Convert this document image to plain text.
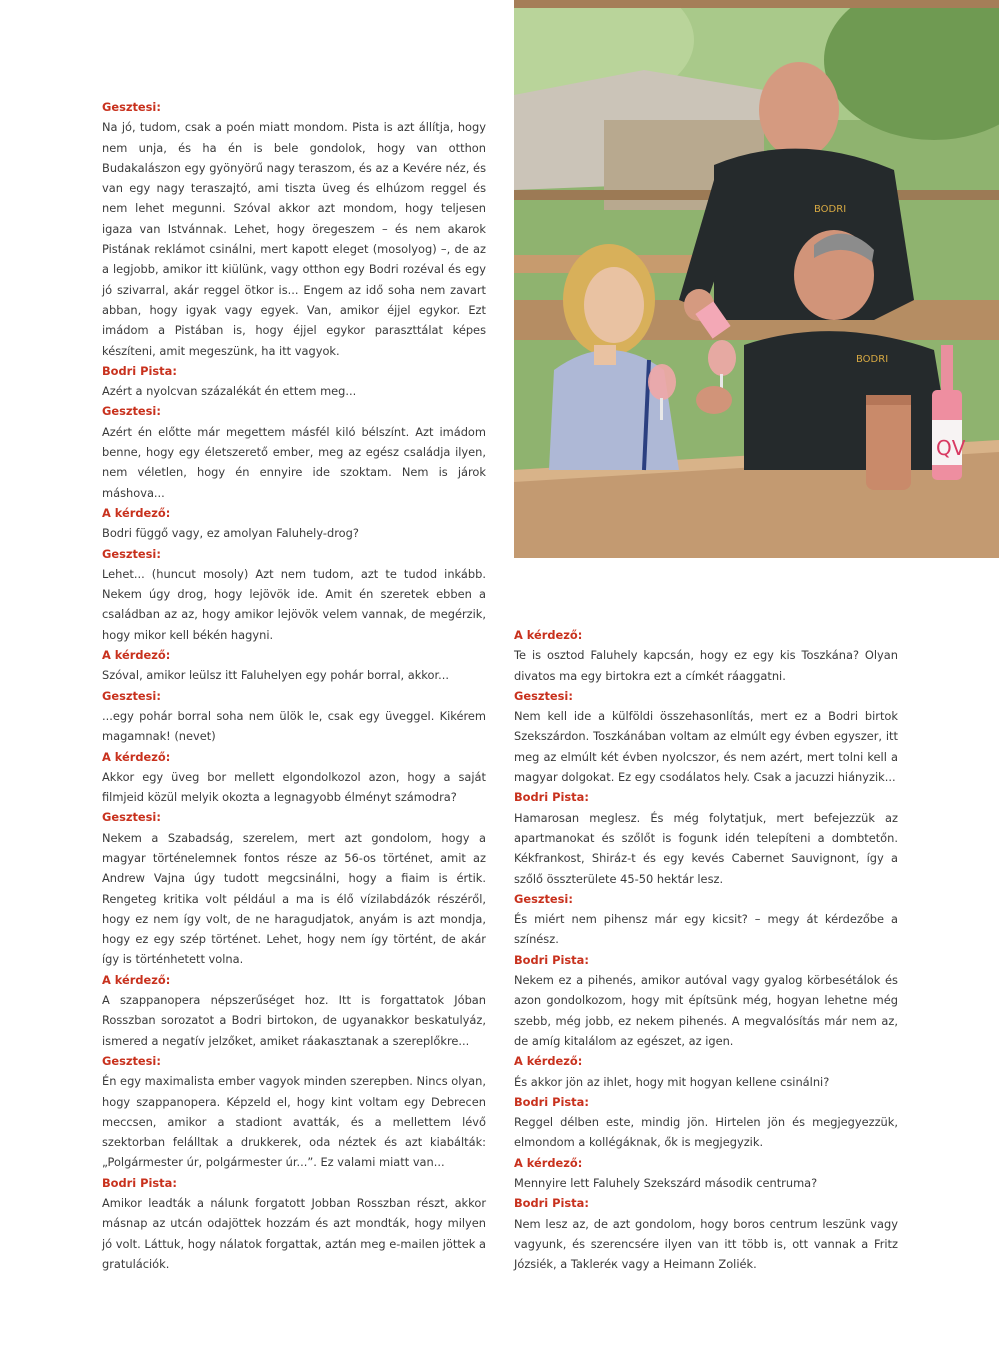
BODRI
BODRI
QV
Gesztesi:
Na jó, tudom, csak a poén miatt mondom. Pista is azt állítja, hogy nem unja, és ha én is bele gondolok, hogy van otthon Budakalászon egy gyönyörű nagy teraszom, és az a Kevére néz, és van egy nagy teraszajtó, ami tiszta üveg és elhúzom reggel és nem lehet megunni. Szóval akkor azt mondom, hogy teljesen igaza van Istvánnak. Lehet, hogy öregeszem – és nem akarok Pistának reklámot csinálni, mert kapott eleget (mosolyog) –, de az a legjobb, amikor itt kiülünk, vagy otthon egy Bodri rozéval és egy jó szivarral, akár reggel ötkor is... Engem az idő soha nem zavart abban, hogy igyak vagy egyek. Van, amikor éjjel egykor. Ezt imádom a Pistában is, hogy éjjel egykor paraszttálat képes készíteni, amit megeszünk, ha itt vagyok.
Bodri Pista:
Azért a nyolcvan százalékát én ettem meg...
Gesztesi:
Azért én előtte már megettem másfél kiló bélszínt. Azt imádom benne, hogy egy életszerető ember, meg az egész családja ilyen, nem véletlen, hogy én ennyire ide szoktam. Nem is járok máshova...
A kérdező:
Bodri függő vagy, ez amolyan Faluhely-drog?
Gesztesi:
Lehet... (huncut mosoly) Azt nem tudom, azt te tudod inkább. Nekem úgy drog, hogy lejövök ide. Amit én szeretek ebben a családban az az, hogy amikor lejövök velem vannak, de megérzik, hogy mikor kell békén hagyni.
A kérdező:
Szóval, amikor leülsz itt Faluhelyen egy pohár borral, akkor...
Gesztesi:
...egy pohár borral soha nem ülök le, csak egy üveggel. Kikérem magamnak! (nevet)
A kérdező:
Akkor egy üveg bor mellett elgondolkozol azon, hogy a saját filmjeid közül melyik okozta a legnagyobb élményt számodra?
Gesztesi:
Nekem a Szabadság, szerelem, mert azt gondolom, hogy a magyar történelemnek fontos része az 56-os történet, amit az Andrew Vajna úgy tudott megcsinálni, hogy a fiaim is értik. Rengeteg kritika volt például a ma is élő vízilabdázók részéről, hogy ez nem így volt, de ne haragudjatok, anyám is azt mondja, hogy ez egy szép történet. Lehet, hogy nem így történt, de akár így is történhetett volna.
A kérdező:
A szappanopera népszerűséget hoz. Itt is forgattatok Jóban Rosszban sorozatot a Bodri birtokon, de ugyanakkor beskatulyáz, ismered a negatív jelzőket, amiket ráakasztanak a szereplőkre...
Gesztesi:
Én egy maximalista ember vagyok minden szerepben. Nincs olyan, hogy szappanopera. Képzeld el, hogy kint voltam egy Debrecen meccsen, amikor a stadiont avatták, és a mellettem lévő szektorban felálltak a drukkerek, oda néztek és azt kiabálták: „Polgármester úr, polgármester úr...”. Ez valami miatt van...
Bodri Pista:
Amikor leadták a nálunk forgatott Jobban Rosszban részt, akkor másnap az utcán odajöttek hozzám és azt mondták, hogy milyen jó volt. Láttuk, hogy nálatok forgattak, aztán meg e-mailen jöttek a gratulációk.
A kérdező:
Te is osztod Faluhely kapcsán, hogy ez egy kis Toszkána? Olyan divatos ma egy birtokra ezt a címkét ráaggatni.
Gesztesi:
Nem kell ide a külföldi összehasonlítás, mert ez a Bodri birtok Szekszárdon. Toszkánában voltam az elmúlt egy évben egyszer, itt meg az elmúlt két évben nyolcszor, és nem azért, mert tolni kell a magyar dolgokat. Ez egy csodálatos hely. Csak a jacuzzi hiányzik...
Bodri Pista:
Hamarosan meglesz. És még folytatjuk, mert befejezzük az apartmanokat és szőlőt is fogunk idén telepíteni a dombtetőn. Kékfrankost, Shiráz-t és egy kevés Cabernet Sauvignont, így a szőlő összterülete 45-50 hektár lesz.
Gesztesi:
És miért nem pihensz már egy kicsit? – megy át kérdezőbe a színész.
Bodri Pista:
Nekem ez a pihenés, amikor autóval vagy gyalog körbesétálok és azon gondolkozom, hogy mit építsünk még, hogyan lehetne még szebb, még jobb, ez nekem pihenés. A megvalósítás már nem az, de amíg kitalálom az egészet, az igen.
A kérdező:
És akkor jön az ihlet, hogy mit hogyan kellene csinálni?
Bodri Pista:
Reggel délben este, mindig jön. Hirtelen jön és megjegyezzük, elmondom a kollégáknak, ők is megjegyzik.
A kérdező:
Mennyire lett Faluhely Szekszárd második centruma?
Bodri Pista:
Nem lesz az, de azt gondolom, hogy boros centrum leszünk vagy vagyunk, és szerencsére ilyen van itt több is, ott vannak a Fritz Józsiék, a Takleréк vagy a Heimann Zoliék.
